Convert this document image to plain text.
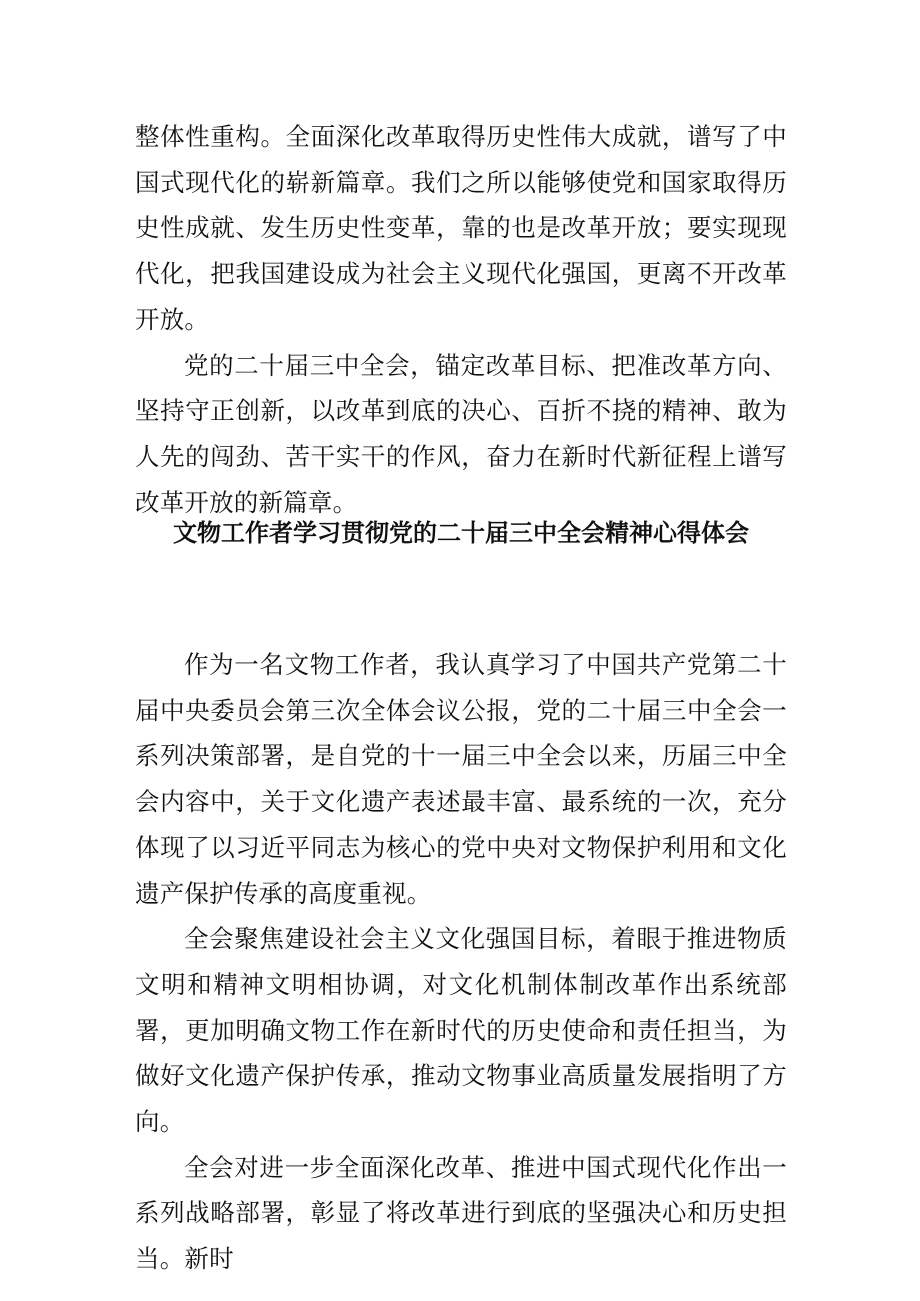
整体性重构。全面深化改革取得历史性伟大成就，谱写了中国式现代化的崭新篇章。我们之所以能够使党和国家取得历史性成就、发生历史性变革，靠的也是改革开放；要实现现代化，把我国建设成为社会主义现代化强国，更离不开改革开放。

党的二十届三中全会，锚定改革目标、把准改革方向、坚持守正创新，以改革到底的决心、百折不挠的精神、敢为人先的闯劲、苦干实干的作风，奋力在新时代新征程上谱写改革开放的新篇章。

文物工作者学习贯彻党的二十届三中全会精神心得体会

作为一名文物工作者，我认真学习了中国共产党第二十届中央委员会第三次全体会议公报，党的二十届三中全会一系列决策部署，是自党的十一届三中全会以来，历届三中全会内容中，关于文化遗产表述最丰富、最系统的一次，充分体现了以习近平同志为核心的党中央对文物保护利用和文化遗产保护传承的高度重视。

全会聚焦建设社会主义文化强国目标，着眼于推进物质文明和精神文明相协调，对文化机制体制改革作出系统部署，更加明确文物工作在新时代的历史使命和责任担当，为做好文化遗产保护传承，推动文物事业高质量发展指明了方向。

全会对进一步全面深化改革、推进中国式现代化作出一系列战略部署，彰显了将改革进行到底的坚强决心和历史担当。新时
